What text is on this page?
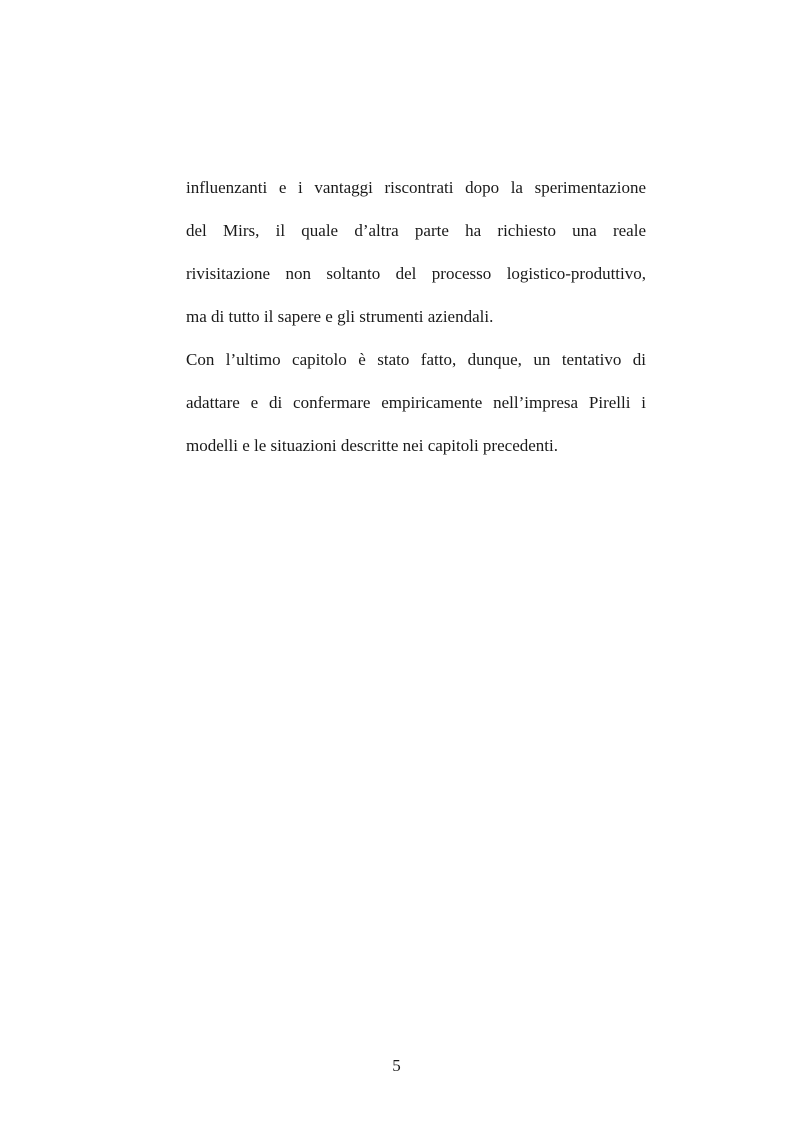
influenzanti e i vantaggi riscontrati dopo la sperimentazione
del Mirs, il quale d’altra parte ha richiesto una reale
rivisitazione non soltanto del processo logistico-produttivo,
ma di tutto il sapere e gli strumenti aziendali.
Con l’ultimo capitolo è stato fatto, dunque, un tentativo di
adattare e di confermare empiricamente nell’impresa Pirelli i
modelli e le situazioni descritte nei capitoli precedenti.
5
